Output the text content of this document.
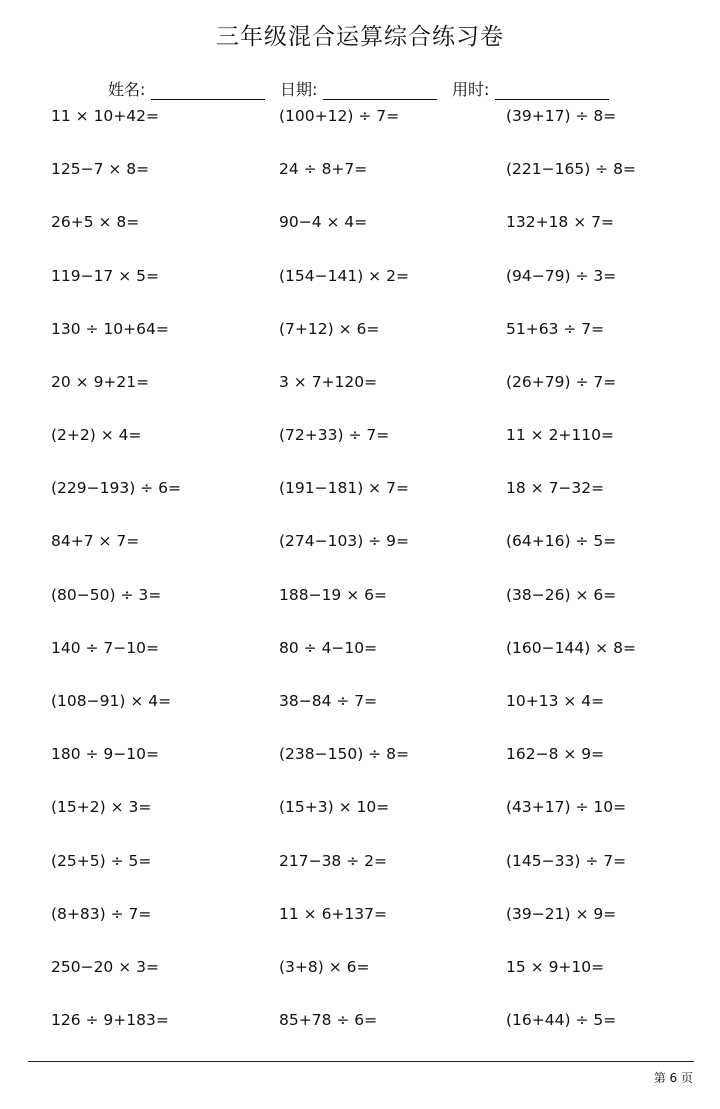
三年级混合运算综合练习卷
姓名:	日期:	用时:
11 × 10+42=	(100+12) ÷ 7=	(39+17) ÷ 8=
125−7 × 8=	24 ÷ 8+7=	(221−165) ÷ 8=
26+5 × 8=	90−4 × 4=	132+18 × 7=
119−17 × 5=	(154−141) × 2=	(94−79) ÷ 3=
130 ÷ 10+64=	(7+12) × 6=	51+63 ÷ 7=
20 × 9+21=	3 × 7+120=	(26+79) ÷ 7=
(2+2) × 4=	(72+33) ÷ 7=	11 × 2+110=
(229−193) ÷ 6=	(191−181) × 7=	18 × 7−32=
84+7 × 7=	(274−103) ÷ 9=	(64+16) ÷ 5=
(80−50) ÷ 3=	188−19 × 6=	(38−26) × 6=
140 ÷ 7−10=	80 ÷ 4−10=	(160−144) × 8=
(108−91) × 4=	38−84 ÷ 7=	10+13 × 4=
180 ÷ 9−10=	(238−150) ÷ 8=	162−8 × 9=
(15+2) × 3=	(15+3) × 10=	(43+17) ÷ 10=
(25+5) ÷ 5=	217−38 ÷ 2=	(145−33) ÷ 7=
(8+83) ÷ 7=	11 × 6+137=	(39−21) × 9=
250−20 × 3=	(3+8) × 6=	15 × 9+10=
126 ÷ 9+183=	85+78 ÷ 6=	(16+44) ÷ 5=
第 6 页
